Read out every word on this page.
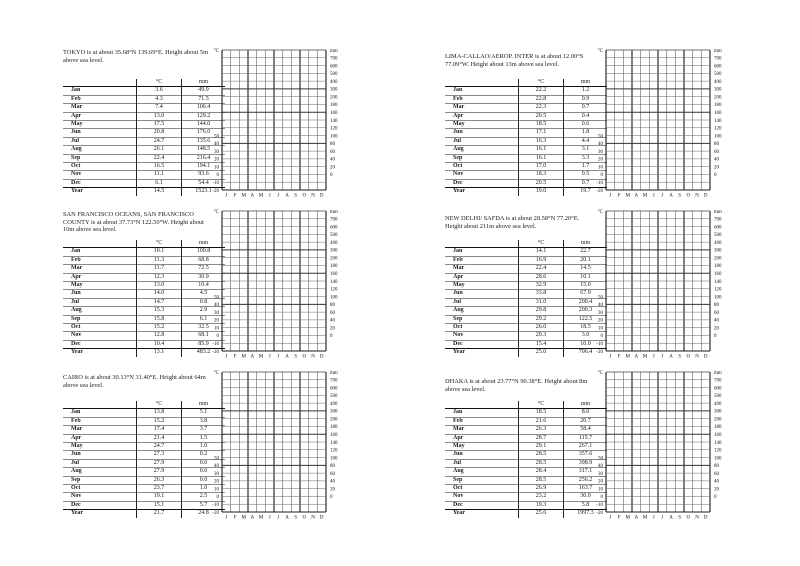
TOKYO is at about 35.68°N 139.69°E. Height about 5m above sea level.
SAN FRANCISCO OCEANS, SAN FRANCISCO COUNTY is at about 37.73°N 122.50°W. Height about 10m above sea level.
CAIRO is at about 30.13°N 31.40°E. Height about 64m above sea level.
LIMA-CALLAO/AEROP. INTER is at about 12.00°S 77.09°W. Height about 13m above sea level.
NEW DELHI/ SAFDA is at about 28.58°N 77.20°E. Height about 211m above sea level.
DHAKA is at about 23.77°N 90.38°E. Height about 8m above sea level.
	°C	mm
Jan	3.6	49.9
Feb	4.3	71.5
Mar	7.4	106.4
Apr	13.0	129.2
May	17.5	144.0
Jun	20.8	176.0
Jul	24.7	135.6
Aug	26.1	148.5
Sep	22.4	216.4
Oct	16.5	194.1
Nov	11.1	93.6
Dec	6.1	54.4
Year	14.5	1523.1
	°C	mm
Jan	10.1	100.8
Feb	11.3	68.8
Mar	11.7	72.5
Apr	12.3	30.9
May	13.0	10.4
Jun	14.0	4.5
Jul	14.7	0.8
Aug	15.3	2.9
Sep	15.8	6.1
Oct	15.2	32.5
Nov	12.8	68.1
Dec	10.4	85.9
Year	13.1	483.2
	°C	mm
Jan	13.8	5.1
Feb	15.2	3.8
Mar	17.4	3.7
Apr	21.4	1.5
May	24.7	1.0
Jun	27.3	0.2
Jul	27.9	0.0
Aug	27.9	0.0
Sep	26.3	0.0
Oct	23.7	1.0
Nov	19.1	2.5
Dec	15.1	5.7
Year	21.7	24.8
	°C	mm
Jan	22.2	1.2
Feb	22.8	0.9
Mar	22.3	0.7
Apr	20.5	0.4
May	18.5	0.6
Jun	17.1	1.8
Jul	16.3	4.4
Aug	16.1	3.1
Sep	16.1	3.3
Oct	17.0	1.7
Nov	18.3	0.5
Dec	20.5	0.7
Year	19.0	19.7
	°C	mm
Jan	14.1	22.7
Feb	16.9	20.1
Mar	22.4	14.5
Apr	28.6	10.1
May	32.9	15.0
Jun	33.8	67.9
Jul	31.0	200.4
Aug	29.8	200.3
Sep	29.2	122.5
Oct	26.0	18.5
Nov	20.3	3.0
Dec	15.4	10.0
Year	25.0	706.4
	°C	mm
Jan	18.5	8.0
Feb	21.6	20.7
Mar	26.3	58.4
Apr	28.7	115.7
May	29.1	267.1
Jun	28.5	357.6
Jul	28.5	398.9
Aug	28.4	317.1
Sep	28.5	256.2
Oct	26.9	163.7
Nov	23.2	30.0
Dec	19.3	5.8
Year	25.6	1997.3
°C	mm
700
600
500
400
300
200
180
160
140
120
100
80
60
40
20
0
50
40
30
20
10
0
-10
-20
J F M A M J J A S O N D
°C	mm
700
600
500
400
300
200
180
160
140
120
100
80
60
40
20
0
50
40
30
20
10
0
-10
-20
J F M A M J J A S O N D
°C	mm
700
600
500
400
300
200
180
160
140
120
100
80
60
40
20
0
50
40
30
20
10
0
-10
-20
J F M A M J J A S O N D
°C	mm
700
600
500
400
300
200
180
160
140
120
100
80
60
40
20
0
50
40
30
20
10
0
-10
-20
J F M A M J J A S O N D
°C	mm
700
600
500
400
300
200
180
160
140
120
100
80
60
40
20
0
50
40
30
20
10
0
-10
-20
J F M A M J J A S O N D
°C	mm
700
600
500
400
300
200
180
160
140
120
100
80
60
40
20
0
50
40
30
20
10
0
-10
-20
J F M A M J J A S O N D
